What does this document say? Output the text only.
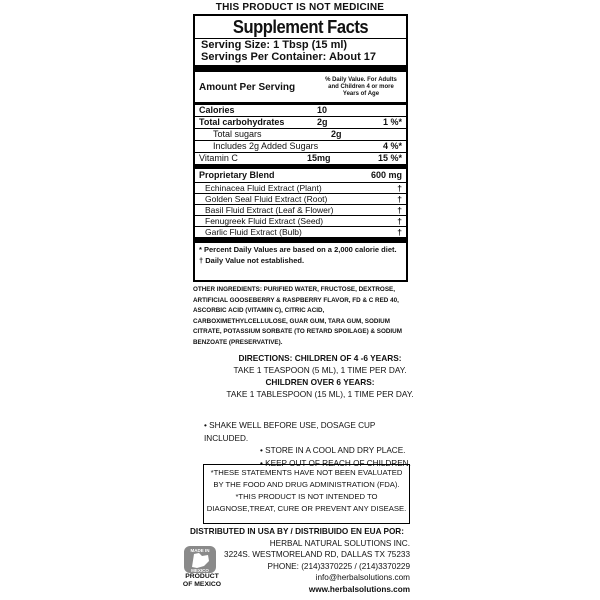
THIS PRODUCT IS NOT MEDICINE
Supplement Facts
Serving Size: 1 Tbsp (15 ml)
Servings Per Container: About 17
Amount Per Serving
% Daily Value. For Adults and Children 4 or more Years of Age
Calories	10
Total carbohydrates	2g	1 %*
Total sugars	2g
Includes 2g Added Sugars	4 %*
Vitamin C	15mg	15 %*
Proprietary Blend	600 mg
Echinacea Fluid Extract (Plant)	†
Golden Seal Fluid Extract (Root)	†
Basil Fluid Extract (Leaf & Flower)	†
Fenugreek Fluid Extract (Seed)	†
Garlic Fluid Extract (Bulb)	†
* Percent Daily Values are based on a 2,000 calorie diet.
† Daily Value not established.
OTHER INGREDIENTS: PURIFIED WATER, FRUCTOSE, DEXTROSE, ARTIFICIAL GOOSEBERRY & RASPBERRY FLAVOR, FD & C RED 40, ASCORBIC ACID (VITAMIN C), CITRIC ACID, CARBOXIMETHYLCELLULOSE, GUAR GUM, TARA GUM, SODIUM CITRATE, POTASSIUM SORBATE (TO RETARD SPOILAGE) & SODIUM BENZOATE (PRESERVATIVE).
DIRECTIONS: CHILDREN OF 4 -6 YEARS:
TAKE 1 TEASPOON (5 ML), 1 TIME PER DAY.
CHILDREN OVER 6 YEARS:
TAKE 1 TABLESPOON (15 ML), 1 TIME PER DAY.
• SHAKE WELL BEFORE USE, DOSAGE CUP INCLUDED.
• STORE IN A COOL AND DRY PLACE.
• KEEP OUT OF REACH OF CHILDREN.
*THESE STATEMENTS HAVE NOT BEEN EVALUATED
BY THE FOOD AND DRUG ADMINISTRATION (FDA).
*THIS PRODUCT IS NOT INTENDED TO
DIAGNOSE,TREAT, CURE OR PREVENT ANY DISEASE.
DISTRIBUTED IN USA BY / DISTRIBUIDO EN EUA POR:
HERBAL NATURAL SOLUTIONS INC.
3224S. WESTMORELAND RD, DALLAS TX 75233
PHONE: (214)3370225 / (214)3370229
info@herbalsolutions.com
www.herbalsolutions.com
MADE IN
MEXICO
PRODUCT
OF MEXICO
